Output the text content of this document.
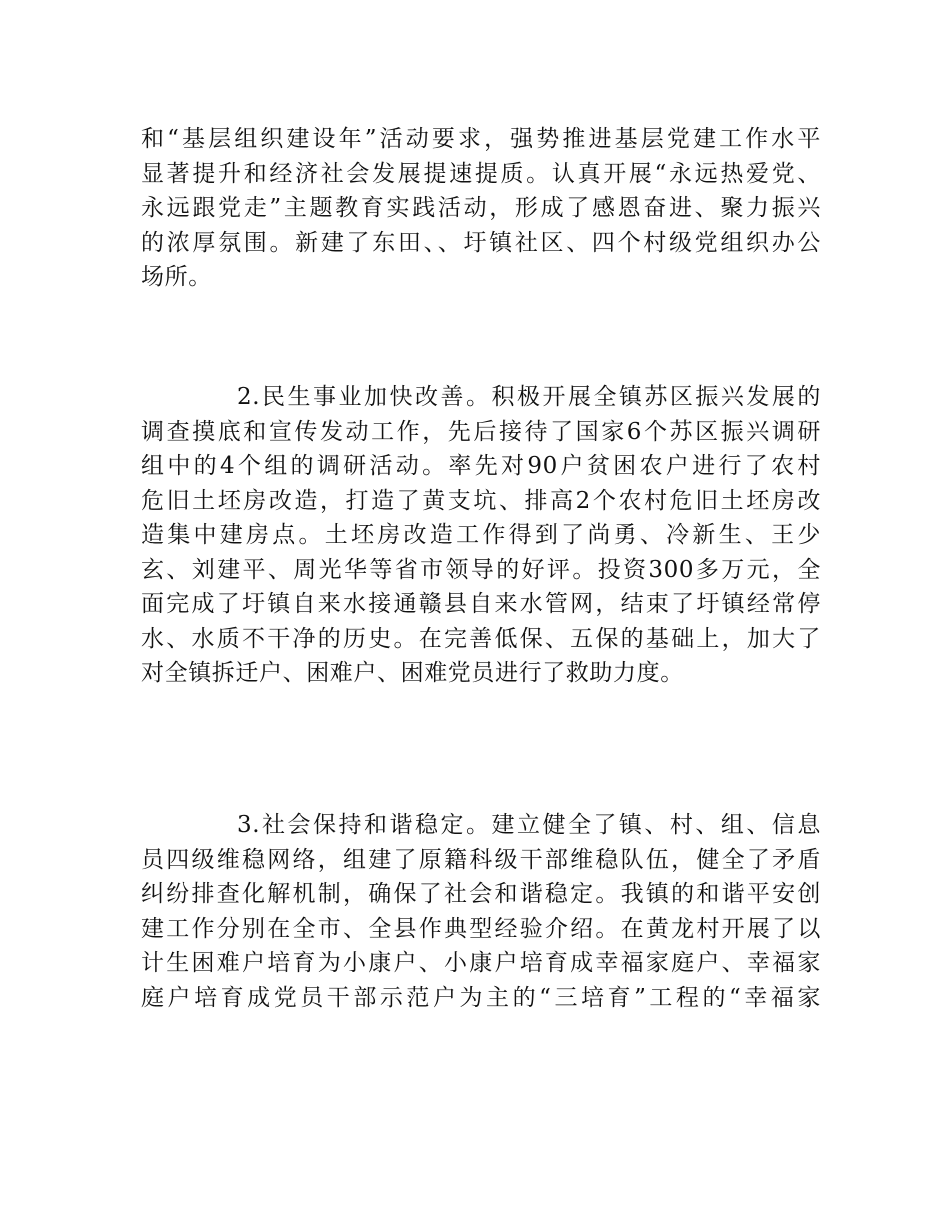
和“基层组织建设年”活动要求，强势推进基层党建工作水平
显著提升和经济社会发展提速提质。认真开展“永远热爱党、
永远跟党走”主题教育实践活动，形成了感恩奋进、聚力振兴
的浓厚氛围。新建了东田、、圩镇社区、四个村级党组织办公
场所。
2.民生事业加快改善。积极开展全镇苏区振兴发展的
调查摸底和宣传发动工作，先后接待了国家6个苏区振兴调研
组中的4个组的调研活动。率先对90户贫困农户进行了农村
危旧土坯房改造，打造了黄支坑、排高2个农村危旧土坯房改
造集中建房点。土坯房改造工作得到了尚勇、冷新生、王少
玄、刘建平、周光华等省市领导的好评。投资300多万元，全
面完成了圩镇自来水接通赣县自来水管网，结束了圩镇经常停
水、水质不干净的历史。在完善低保、五保的基础上，加大了
对全镇拆迁户、困难户、困难党员进行了救助力度。
3.社会保持和谐稳定。建立健全了镇、村、组、信息
员四级维稳网络，组建了原籍科级干部维稳队伍，健全了矛盾
纠纷排查化解机制，确保了社会和谐稳定。我镇的和谐平安创
建工作分别在全市、全县作典型经验介绍。在黄龙村开展了以
计生困难户培育为小康户、小康户培育成幸福家庭户、幸福家
庭户培育成党员干部示范户为主的“三培育”工程的“幸福家
